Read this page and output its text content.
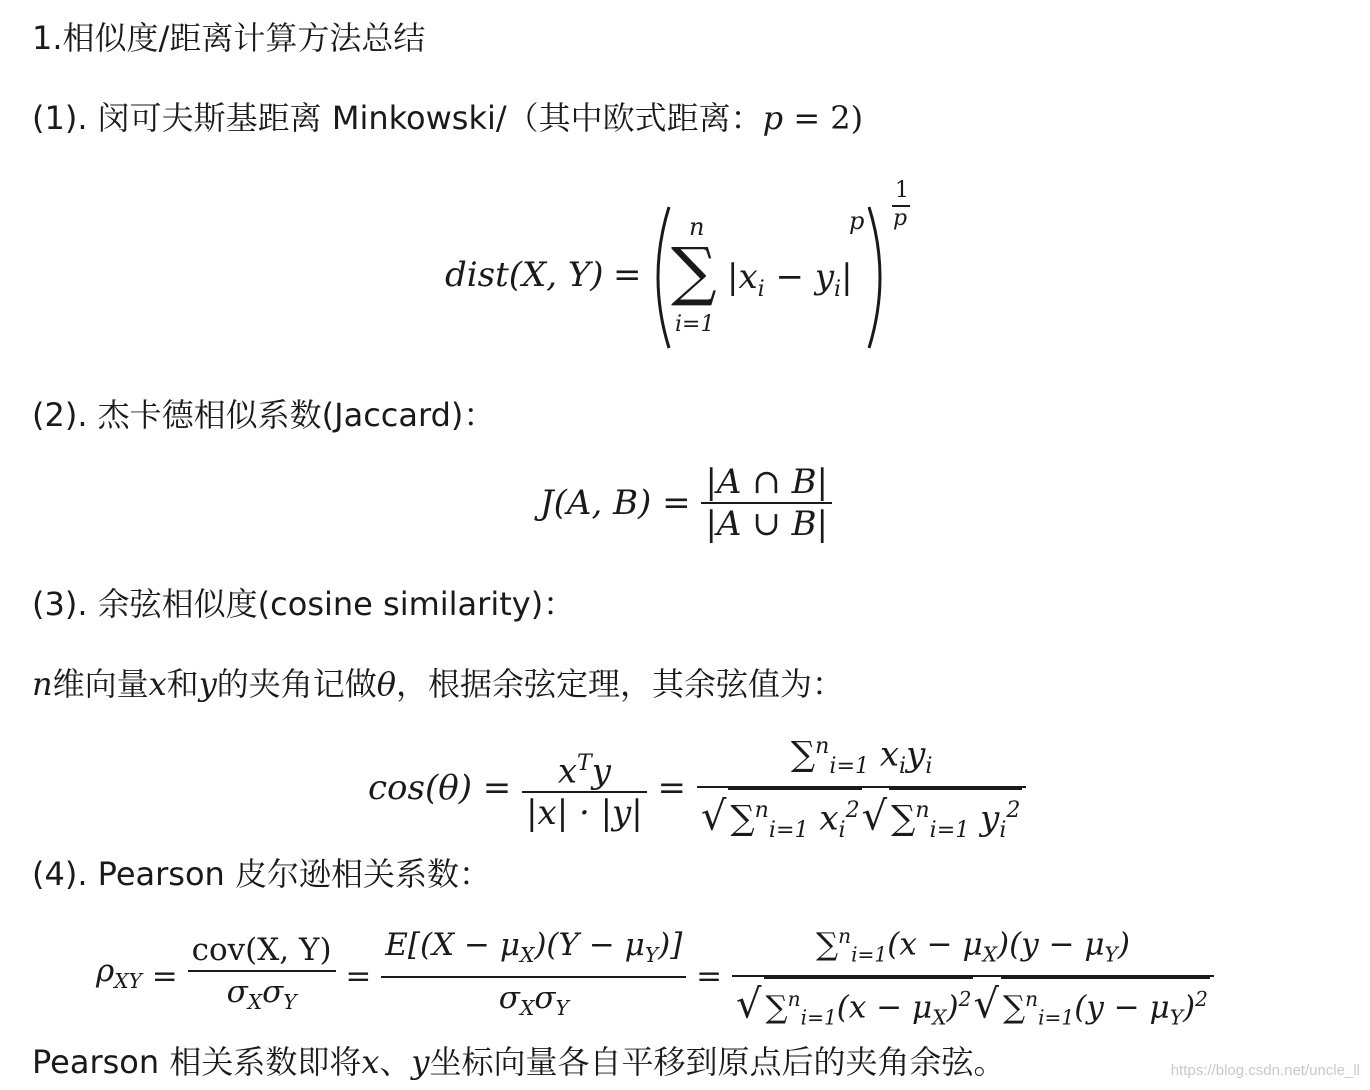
1.相似度/距离计算方法总结
(1). 闵可夫斯基距离 Minkowski/（其中欧式距离：p = 2)
dist(X, Y) =
n
∑
i=1
$|x_i - y_i|$
p
1
p
(2). 杰卡德相似系数(Jaccard)：
J(A, $B) = \frac{|A \cap B|}{|A \cup B|}$
(3). 余弦相似度(cosine similarity)：
n维向量x和y的夹角记做θ，根据余弦定理，其余弦值为：
$\cos(\theta) = \frac{x^Ty}{|x| \cdot |y|} = \frac{\sum^n_{i=1} x_iy_i}{√ \sum^n_{i=1} x_i^2√ \sum^n_{i=1} y_i^2}$
(4). Pearson 皮尔逊相关系数：
$\rho_{XY} = \frac{\text{cov(X, Y)}}{\sigma_X\sigma_Y} = \frac{E[(X - \mu_X)(Y - \mu_Y)]}{\sigma_X\sigma_Y} = \frac{\sum^n_{i=1}(x - \mu_X)(y - \mu_Y)}{√ \sum^n_{i=1}(x - \mu_X)^2√ \sum^n_{i=1}(y - \mu_Y)^2}$
Pearson 相关系数即将x、y坐标向量各自平移到原点后的夹角余弦。	https://blog.csdn.net/uncle_ll
